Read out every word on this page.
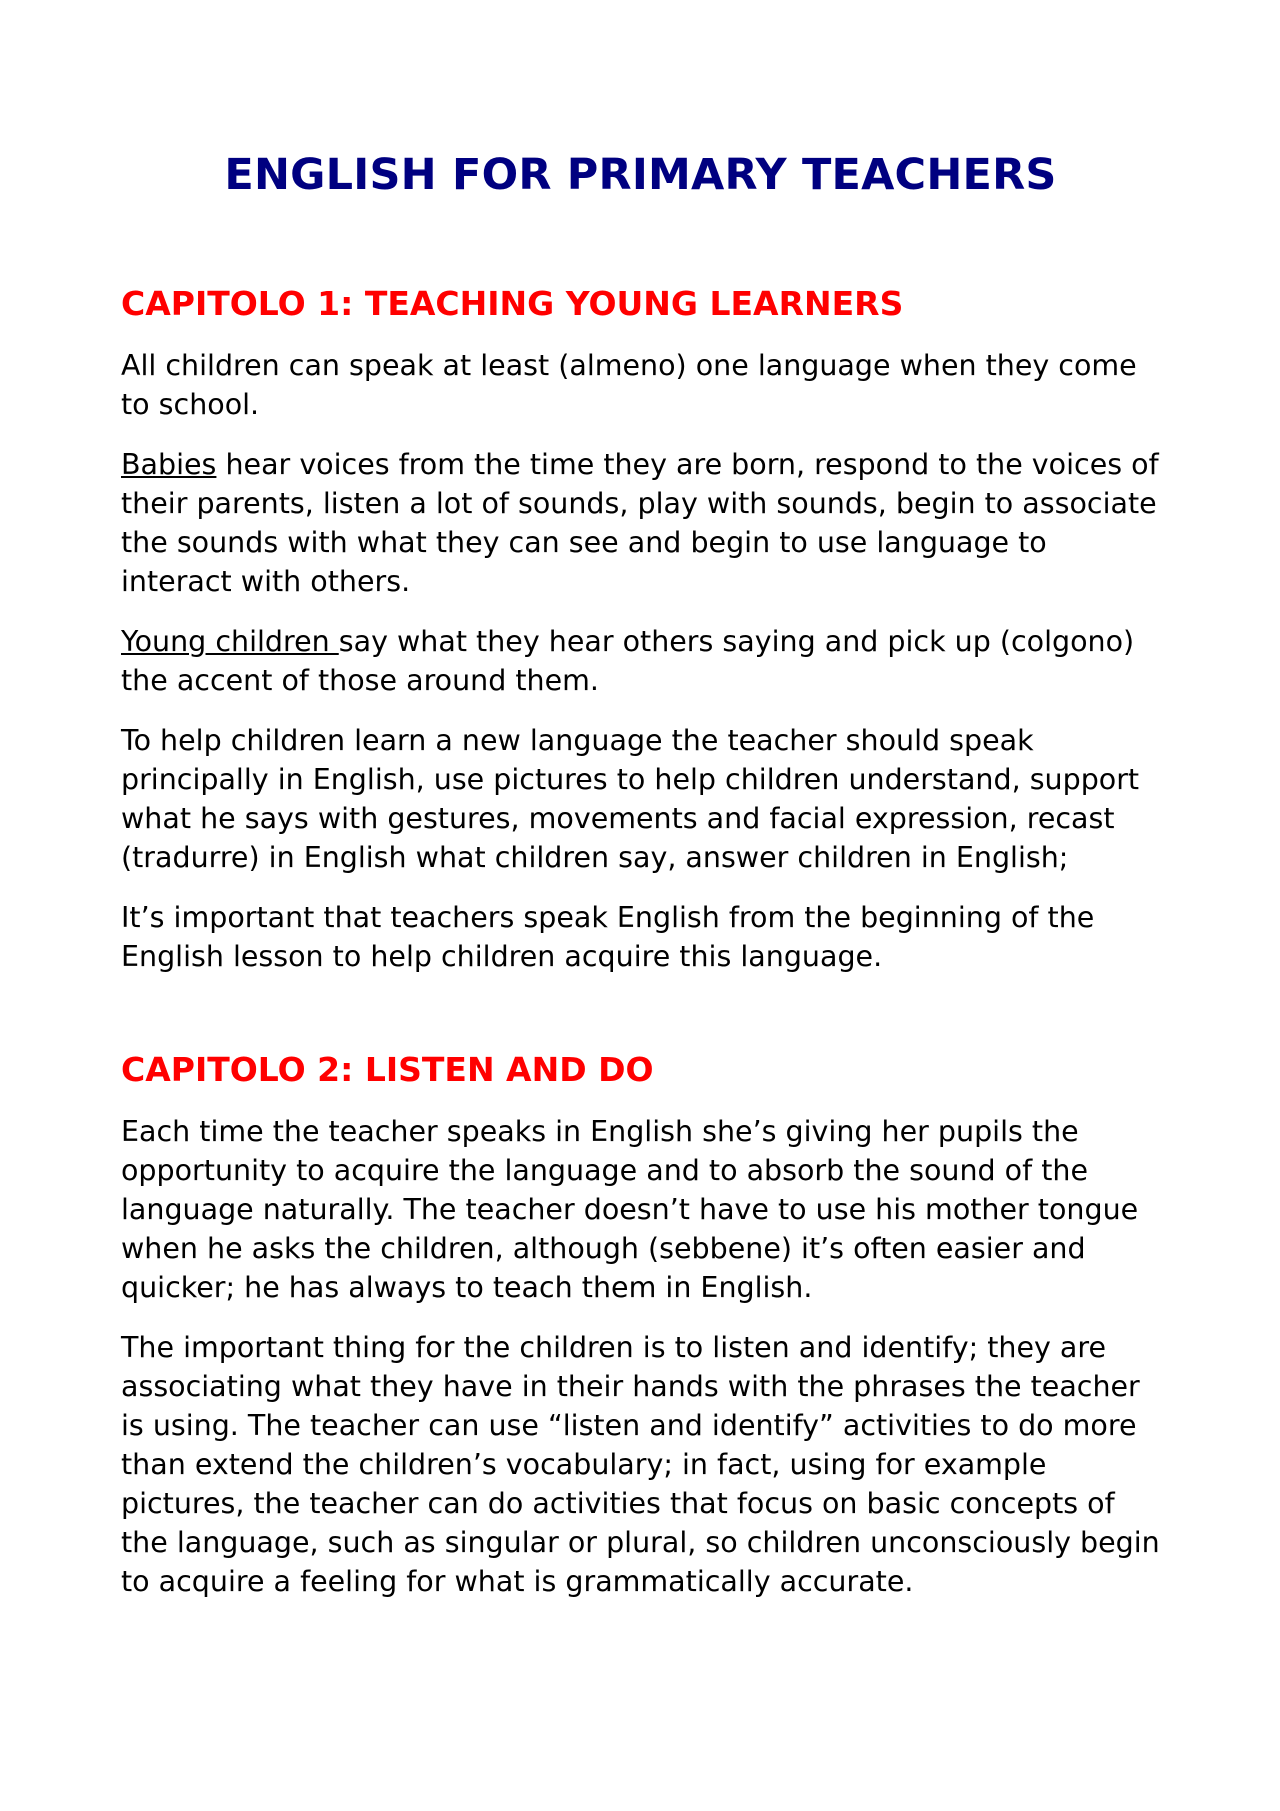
ENGLISH FOR PRIMARY TEACHERS
CAPITOLO 1: TEACHING YOUNG LEARNERS

All children can speak at least (almeno) one language when they come to school.

Babies hear voices from the time they are born, respond to the voices of their parents, listen a lot of sounds, play with sounds, begin to associate the sounds with what they can see and begin to use language to interact with others.

Young children say what they hear others saying and pick up (colgono) the accent of those around them.

To help children learn a new language the teacher should speak principally in English, use pictures to help children understand, support what he says with gestures, movements and facial expression, recast (tradurre) in English what children say, answer children in English;

It’s important that teachers speak English from the beginning of the English lesson to help children acquire this language.

CAPITOLO 2: LISTEN AND DO

Each time the teacher speaks in English she’s giving her pupils the opportunity to acquire the language and to absorb the sound of the language naturally. The teacher doesn’t have to use his mother tongue when he asks the children, although (sebbene) it’s often easier and quicker; he has always to teach them in English.

The important thing for the children is to listen and identify; they are associating what they have in their hands with the phrases the teacher is using. The teacher can use “listen and identify” activities to do more than extend the children’s vocabulary; in fact, using for example pictures, the teacher can do activities that focus on basic concepts of the language, such as singular or plural, so children unconsciously begin to acquire a feeling for what is grammatically accurate.
